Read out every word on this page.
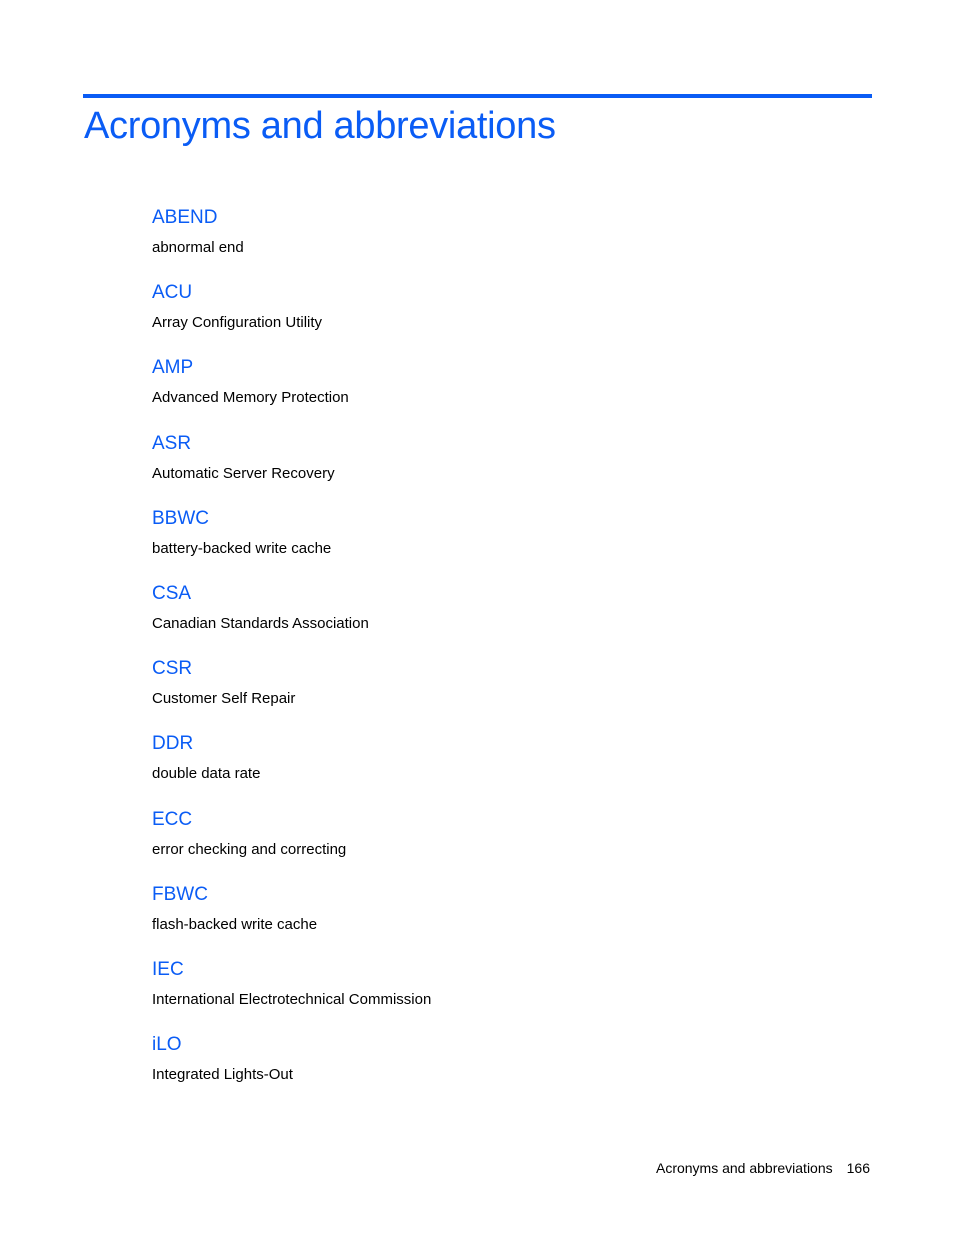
Acronyms and abbreviations
ABEND
abnormal end
ACU
Array Configuration Utility
AMP
Advanced Memory Protection
ASR
Automatic Server Recovery
BBWC
battery-backed write cache
CSA
Canadian Standards Association
CSR
Customer Self Repair
DDR
double data rate
ECC
error checking and correcting
FBWC
flash-backed write cache
IEC
International Electrotechnical Commission
iLO
Integrated Lights-Out
Acronyms and abbreviations 166
